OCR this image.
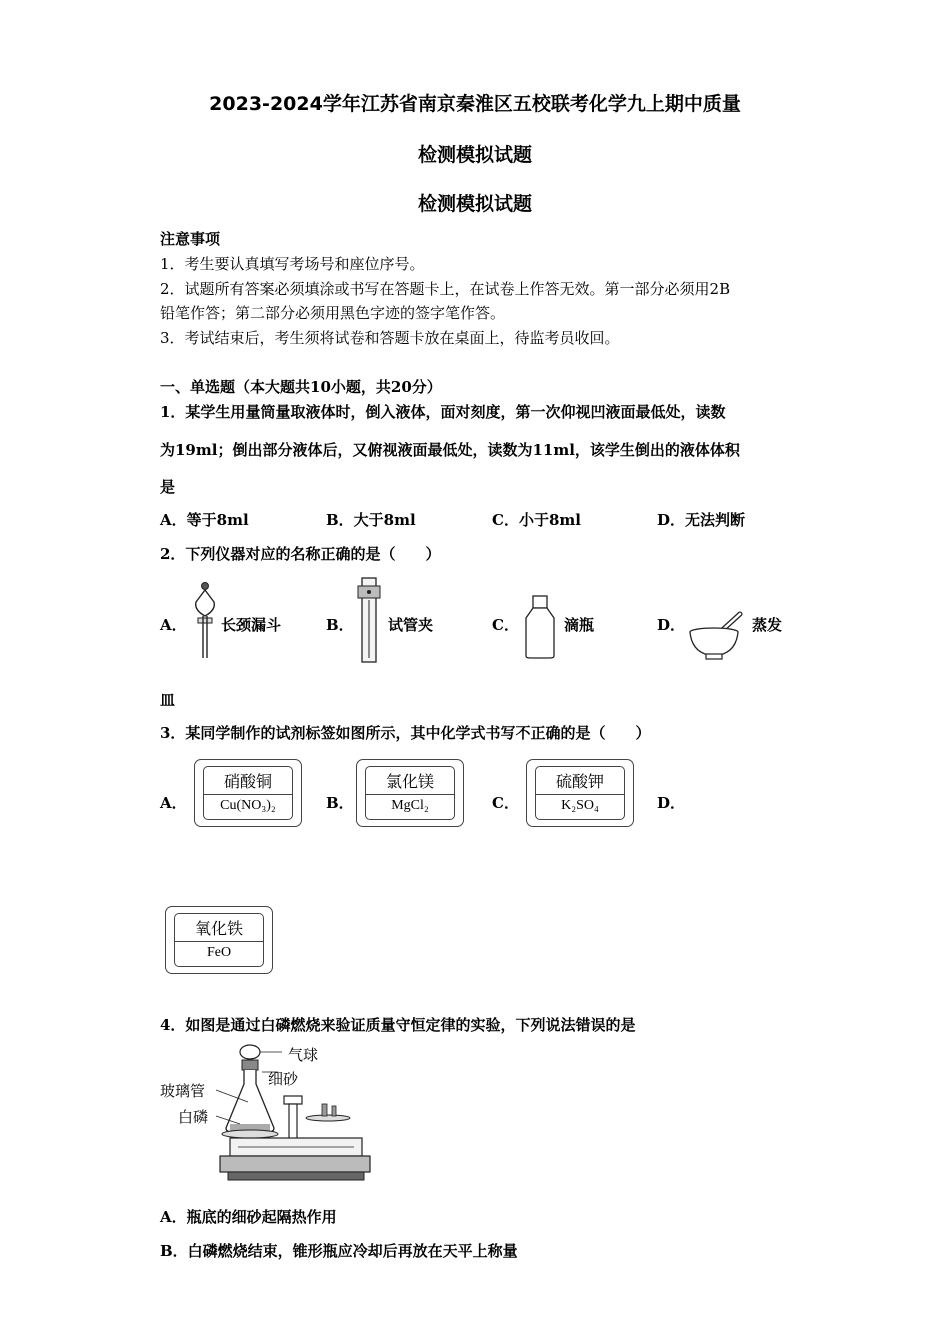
2023-2024学年江苏省南京秦淮区五校联考化学九上期中质量
检测模拟试题
检测模拟试题
注意事项
1．考生要认真填写考场号和座位序号。
2．试题所有答案必须填涂或书写在答题卡上，在试卷上作答无效。第一部分必须用2B
铅笔作答；第二部分必须用黑色字迹的签字笔作答。
3．考试结束后，考生须将试卷和答题卡放在桌面上，待监考员收回。
一、单选题（本大题共10小题，共20分）
1．某学生用量筒量取液体时，倒入液体，面对刻度，第一次仰视凹液面最低处，读数
为19ml；倒出部分液体后，又俯视液面最低处，读数为11ml，该学生倒出的液体体积
是
A．等于8ml	B．大于8ml	C．小于8ml	D．无法判断
2．下列仪器对应的名称正确的是（　　）
A． 长颈漏斗	B． 试管夹	C．	滴瓶	D．	蒸发
皿
3．某同学制作的试剂标签如图所示，其中化学式书写不正确的是（　　）
A．
硝酸铜
Cu(NO₃)₂	B．
氯化镁
MgCl₂	C．
硫酸钾
K₂SO₄	D．
氧化铁
FeO
4．如图是通过白磷燃烧来验证质量守恒定律的实验，下列说法错误的是
气球
细砂
玻璃管
白磷
A．瓶底的细砂起隔热作用
B．白磷燃烧结束，锥形瓶应冷却后再放在天平上称量
